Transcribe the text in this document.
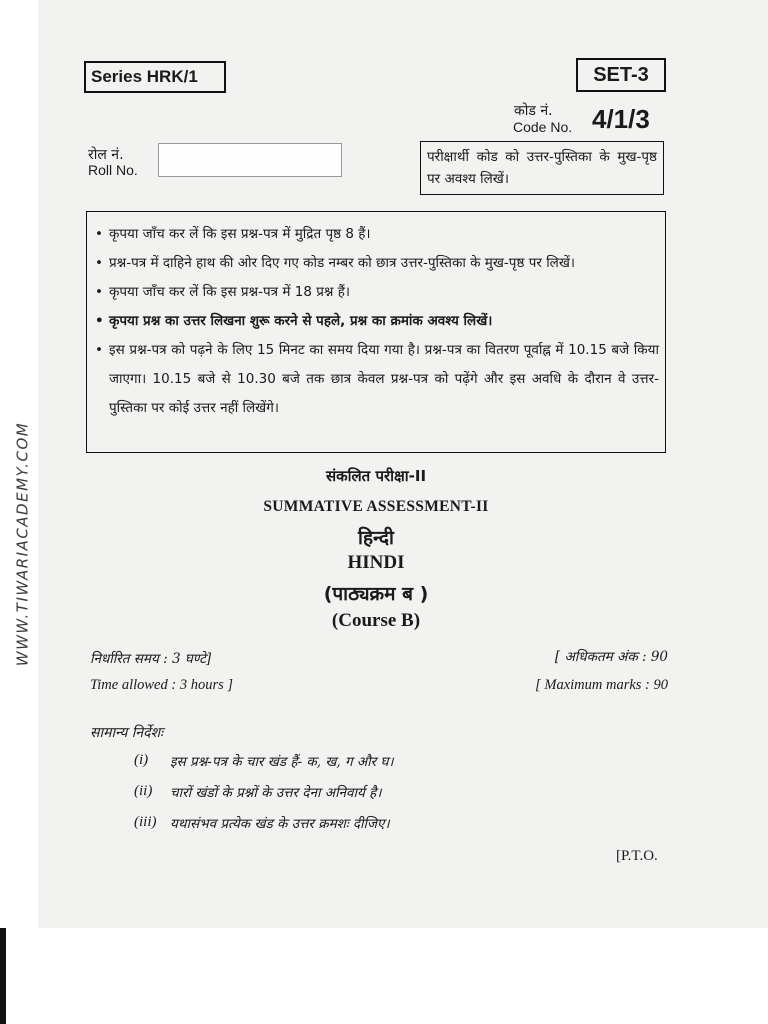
WWW.TIWARIACADEMY.COM
Series HRK/1	SET-3
कोड नं.
Code No. 4/1/3
रोल नं.
Roll No.
परीक्षार्थी कोड को उत्तर-पुस्तिका के मुख-पृष्ठ पर अवश्य लिखें।
• कृपया जाँच कर लें कि इस प्रश्न-पत्र में मुद्रित पृष्ठ 8 हैं।
• प्रश्न-पत्र में दाहिने हाथ की ओर दिए गए कोड नम्बर को छात्र उत्तर-पुस्तिका के मुख-पृष्ठ पर लिखें।
• कृपया जाँच कर लें कि इस प्रश्न-पत्र में 18 प्रश्न हैं।
• कृपया प्रश्न का उत्तर लिखना शुरू करने से पहले, प्रश्न का क्रमांक अवश्य लिखें।
• इस प्रश्न-पत्र को पढ़ने के लिए 15 मिनट का समय दिया गया है। प्रश्न-पत्र का वितरण पूर्वाह्न में 10.15 बजे किया जाएगा। 10.15 बजे से 10.30 बजे तक छात्र केवल प्रश्न-पत्र को पढ़ेंगे और इस अवधि के दौरान वे उत्तर-पुस्तिका पर कोई उत्तर नहीं लिखेंगे।
संकलित परीक्षा-II
SUMMATIVE ASSESSMENT-II
हिन्दी
HINDI
(पाठ्यक्रम ब )
(Course B)
निर्धारित समय : 3 घण्टे]
Time allowed : 3 hours ]
[ अधिकतम अंक : 90
[ Maximum marks : 90
सामान्य निर्देशः
(i)	इस प्रश्न-पत्र के चार खंड हैं- क, ख, ग और घ।
(ii)	चारों खंडों के प्रश्नों के उत्तर देना अनिवार्य है।
(iii)	यथासंभव प्रत्येक खंड के उत्तर क्रमशः दीजिए।
[P.T.O.
